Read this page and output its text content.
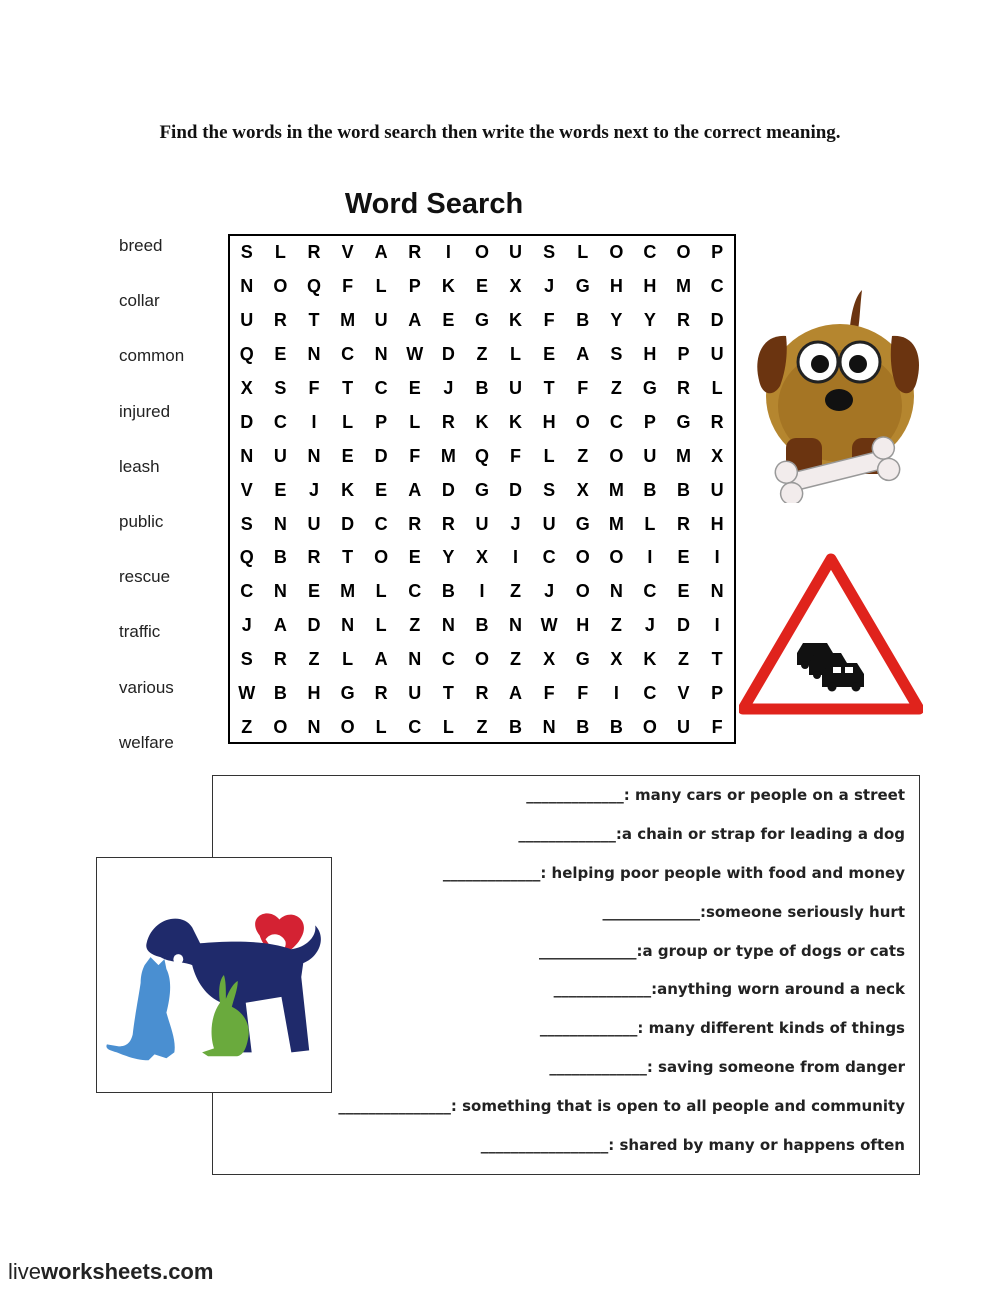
Find the words in the word search then write the words next to the correct meaning.
Word Search
breed
collar
common
injured
leash
public
rescue
traffic
various
welfare
S	L	R	V	A	R	I	O	U	S	L	O	C	O	P
N	O	Q	F	L	P	K	E	X	J	G	H	H	M	C
U	R	T	M	U	A	E	G	K	F	B	Y	Y	R	D
Q	E	N	C	N	W	D	Z	L	E	A	S	H	P	U
X	S	F	T	C	E	J	B	U	T	F	Z	G	R	L
D	C	I	L	P	L	R	K	K	H	O	C	P	G	R
N	U	N	E	D	F	M	Q	F	L	Z	O	U	M	X
V	E	J	K	E	A	D	G	D	S	X	M	B	B	U
S	N	U	D	C	R	R	U	J	U	G	M	L	R	H
Q	B	R	T	O	E	Y	X	I	C	O	O	I	E	I
C	N	E	M	L	C	B	I	Z	J	O	N	C	E	N
J	A	D	N	L	Z	N	B	N	W	H	Z	J	D	I
S	R	Z	L	A	N	C	O	Z	X	G	X	K	Z	T
W	B	H	G	R	U	T	R	A	F	F	I	C	V	P
Z	O	N	O	L	C	L	Z	B	N	B	B	O	U	F
_____________: many cars or people on a street
_____________:a chain or strap for leading a dog
_____________: helping poor people with food and money
_____________:someone seriously hurt
_____________:a group or type of dogs or cats
_____________:anything worn around a neck
_____________: many different kinds of things
_____________: saving someone from danger
_______________: something that is open to all people and community
_________________: shared by many or happens often
liveworksheets.com
